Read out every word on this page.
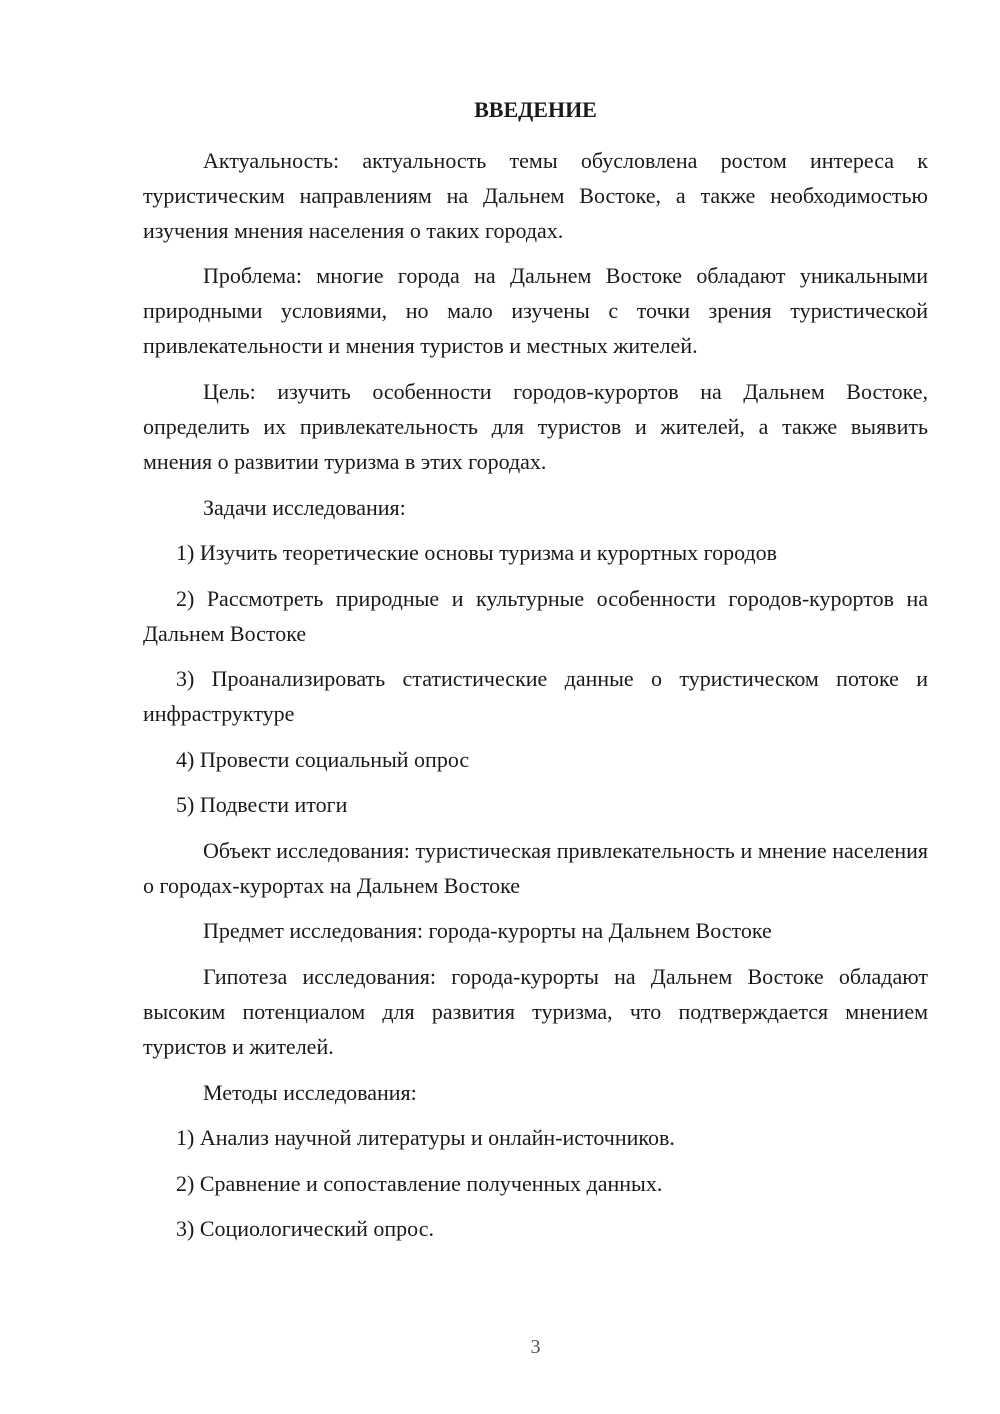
ВВЕДЕНИЕ

Актуальность: актуальность темы обусловлена ростом интереса к туристическим направлениям на Дальнем Востоке, а также необходимостью изучения мнения населения о таких городах.

Проблема: многие города на Дальнем Востоке обладают уникальными природными условиями, но мало изучены с точки зрения туристической привлекательности и мнения туристов и местных жителей.

Цель: изучить особенности городов-курортов на Дальнем Востоке, определить их привлекательность для туристов и жителей, а также выявить мнения о развитии туризма в этих городах.

Задачи исследования:

1) Изучить теоретические основы туризма и курортных городов

2) Рассмотреть природные и культурные особенности городов-курортов на Дальнем Востоке

3) Проанализировать статистические данные о туристическом потоке и инфраструктуре

4) Провести социальный опрос

5) Подвести итоги

Объект исследования: туристическая привлекательность и мнение населения о городах-курортах на Дальнем Востоке

Предмет исследования: города-курорты на Дальнем Востоке

Гипотеза исследования: города-курорты на Дальнем Востоке обладают высоким потенциалом для развития туризма, что подтверждается мнением туристов и жителей.

Методы исследования:

1) Анализ научной литературы и онлайн-источников.

2) Сравнение и сопоставление полученных данных.

3) Социологический опрос.

3
